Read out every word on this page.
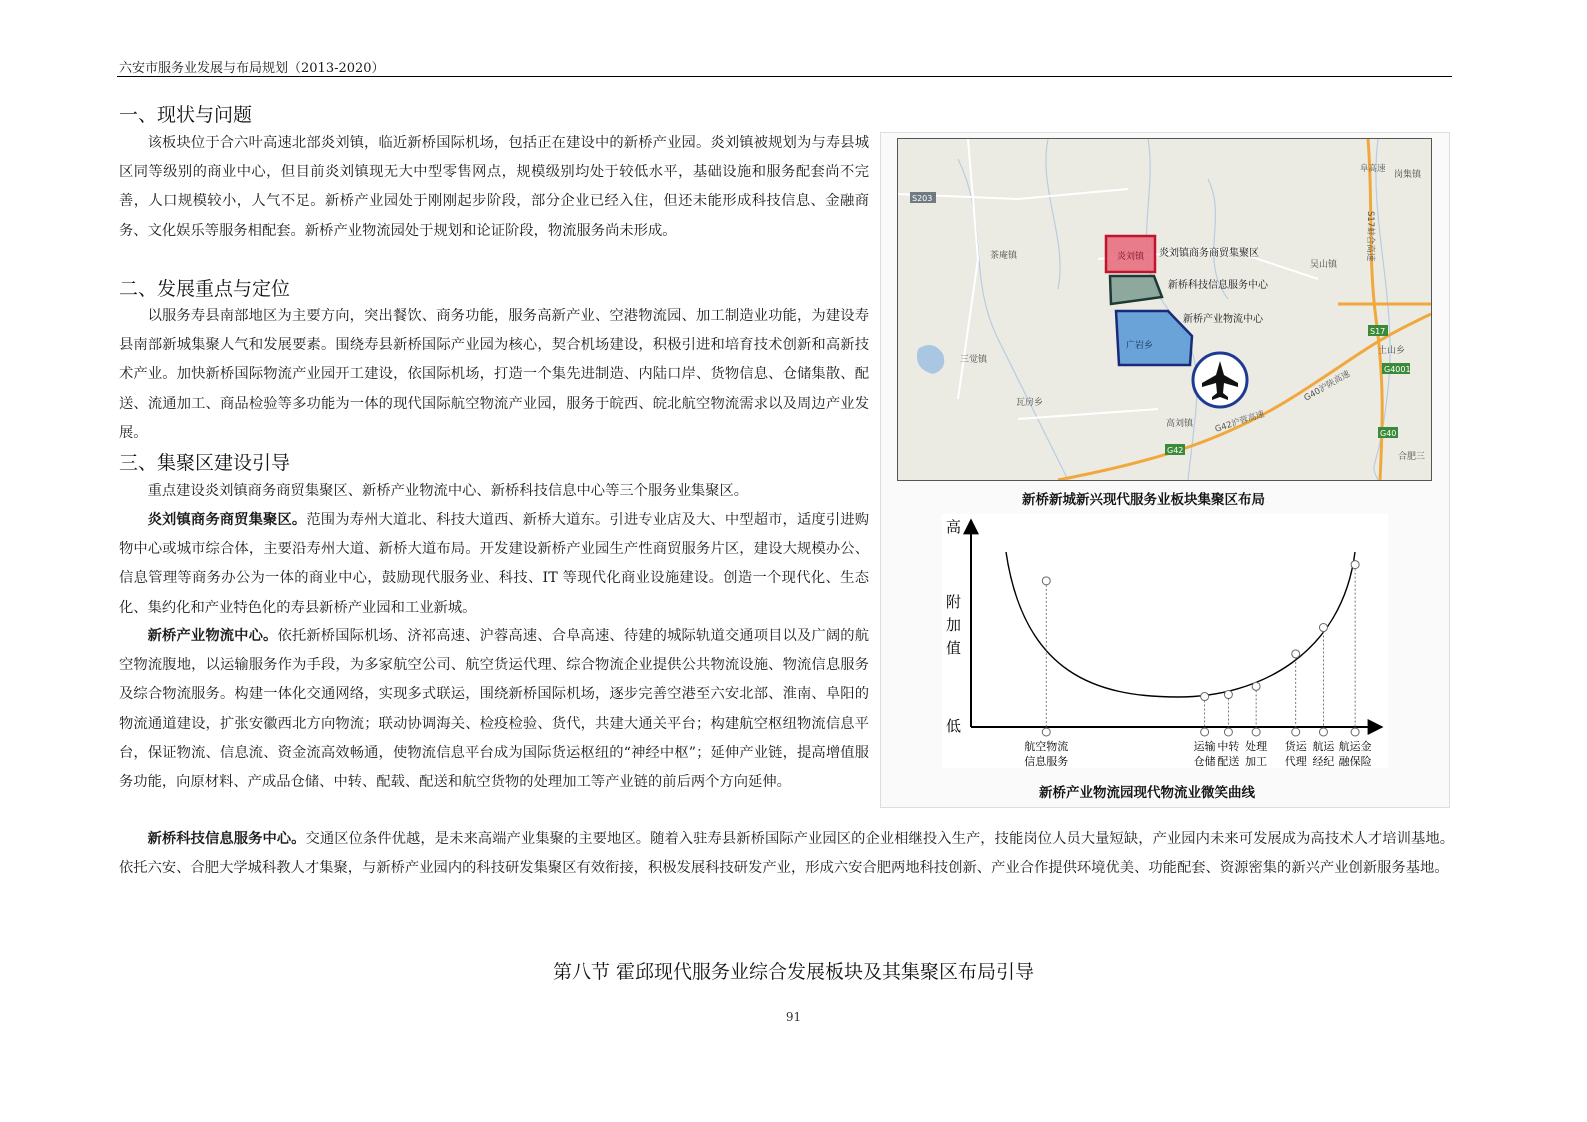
六安市服务业发展与布局规划（2013-2020）
一、现状与问题

该板块位于合六叶高速北部炎刘镇，临近新桥国际机场，包括正在建设中的新桥产业园。炎刘镇被规划为与寿县城区同等级别的商业中心，但目前炎刘镇现无大中型零售网点，规模级别均处于较低水平，基础设施和服务配套尚不完善，人口规模较小，人气不足。新桥产业园处于刚刚起步阶段，部分企业已经入住，但还未能形成科技信息、金融商务、文化娱乐等服务相配套。新桥产业物流园处于规划和论证阶段，物流服务尚未形成。

二、发展重点与定位

以服务寿县南部地区为主要方向，突出餐饮、商务功能，服务高新产业、空港物流园、加工制造业功能，为建设寿县南部新城集聚人气和发展要素。围绕寿县新桥国际产业园为核心，契合机场建设，积极引进和培育技术创新和高新技术产业。加快新桥国际物流产业园开工建设，依国际机场，打造一个集先进制造、内陆口岸、货物信息、仓储集散、配送、流通加工、商品检验等多功能为一体的现代国际航空物流产业园，服务于皖西、皖北航空物流需求以及周边产业发展。

三、集聚区建设引导

重点建设炎刘镇商务商贸集聚区、新桥产业物流中心、新桥科技信息中心等三个服务业集聚区。

炎刘镇商务商贸集聚区。范围为寿州大道北、科技大道西、新桥大道东。引进专业店及大、中型超市，适度引进购物中心或城市综合体，主要沿寿州大道、新桥大道布局。开发建设新桥产业园生产性商贸服务片区，建设大规模办公、信息管理等商务办公为一体的商业中心，鼓励现代服务业、科技、IT 等现代化商业设施建设。创造一个现代化、生态化、集约化和产业特色化的寿县新桥产业园和工业新城。

新桥产业物流中心。依托新桥国际机场、济祁高速、沪蓉高速、合阜高速、待建的城际轨道交通项目以及广阔的航空物流腹地，以运输服务作为手段，为多家航空公司、航空货运代理、综合物流企业提供公共物流设施、物流信息服务及综合物流服务。构建一体化交通网络，实现多式联运，围绕新桥国际机场，逐步完善空港至六安北部、淮南、阜阳的物流通道建设，扩张安徽西北方向物流；联动协调海关、检疫检验、货代，共建大通关平台；构建航空枢纽物流信息平台，保证物流、信息流、资金流高效畅通，使物流信息平台成为国际货运枢纽的“神经中枢”；延伸产业链，提高增值服务功能，向原材料、产成品仓储、中转、配载、配送和航空货物的处理加工等产业链的前后两个方向延伸。

新桥科技信息服务中心。交通区位条件优越，是未来高端产业集聚的主要地区。随着入驻寿县新桥国际产业园区的企业相继投入生产，技能岗位人员大量短缺，产业园内未来可发展成为高技术人才培训基地。依托六安、合肥大学城科教人才集聚，与新桥产业园内的科技研发集聚区有效衔接，积极发展科技研发产业，形成六安合肥两地科技创新、产业合作提供环境优美、功能配套、资源密集的新兴产业创新服务基地。

S203
S17
G4001
G40
G42
G42沪蓉高速
G40沪陕高速
阜高速
S17蚌合高速
茶庵镇
三觉镇
瓦房乡
高刘镇
吴山镇
土山乡
岗集镇
合肥三
炎刘镇
广岩乡
炎刘镇商务商贸集聚区
新桥科技信息服务中心
新桥产业物流中心
新桥新城新兴现代服务业板块集聚区布局
高
低
附
加
值
航空物流
信息服务
运输
仓储
中转
配送
处理
加工
货运
代理
航运
经纪
航运金
融保险
新桥产业物流园现代物流业微笑曲线
第八节 霍邱现代服务业综合发展板块及其集聚区布局引导
91
